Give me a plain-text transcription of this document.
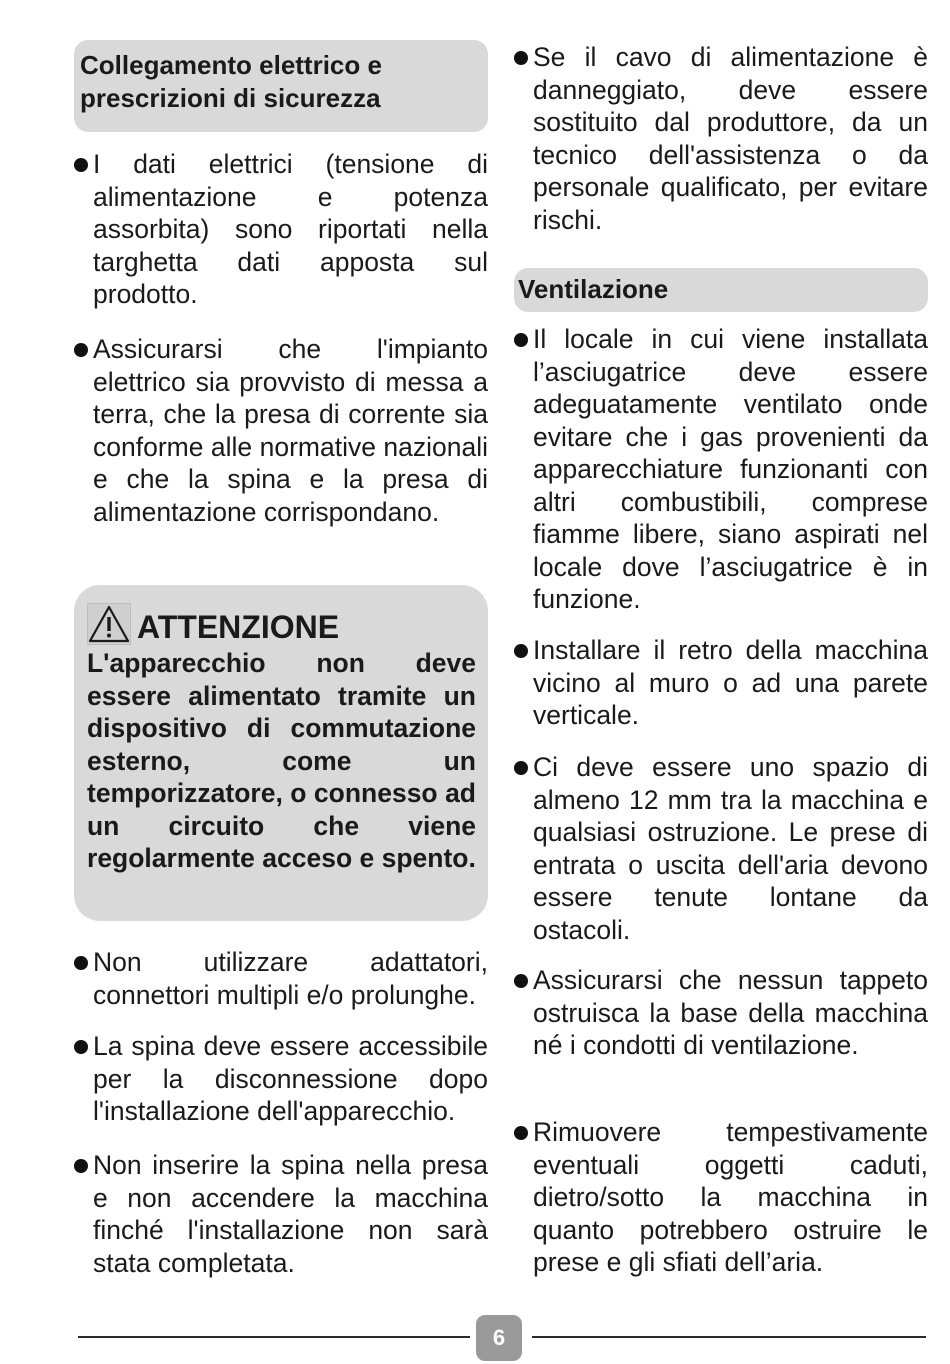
Collegamento elettrico e prescrizioni di sicurezza
I dati elettrici (tensione di alimentazione e potenza assorbita) sono riportati nella targhetta dati apposta sul prodotto.
Assicurarsi che l'impianto elettrico sia provvisto di messa a terra, che la presa di corrente sia conforme alle normative nazionali e che la spina e la presa di alimentazione corrispondano.
ATTENZIONE
L'apparecchio non deve essere alimentato tramite un dispositivo di commutazione esterno, come un temporizzatore, o connesso ad un circuito che viene regolarmente acceso e spento.
Non utilizzare adattatori, connettori multipli e/o prolunghe.
La spina deve essere accessibile per la disconnessione dopo l'installazione dell'apparecchio.
Non inserire la spina nella presa e non accendere la macchina finché l'installazione non sarà stata completata.
Se il cavo di alimentazione è danneggiato, deve essere sostituito dal produttore, da un tecnico dell'assistenza o da personale qualificato, per evitare rischi.
Ventilazione
Il locale in cui viene installata l’asciugatrice deve essere adeguatamente ventilato onde evitare che i gas provenienti da apparecchiature funzionanti con altri combustibili, comprese fiamme libere, siano aspirati nel locale dove l’asciugatrice è in funzione.
Installare il retro della macchina vicino al muro o ad una parete verticale.
Ci deve essere uno spazio di almeno 12 mm tra la macchina e qualsiasi ostruzione. Le prese di entrata o uscita dell'aria devono essere tenute lontane da ostacoli.
Assicurarsi che nessun tappeto ostruisca la base della macchina né i condotti di ventilazione.
Rimuovere tempestivamente eventuali oggetti caduti, dietro/sotto la macchina in quanto potrebbero ostruire le prese e gli sfiati dell’aria.
6
